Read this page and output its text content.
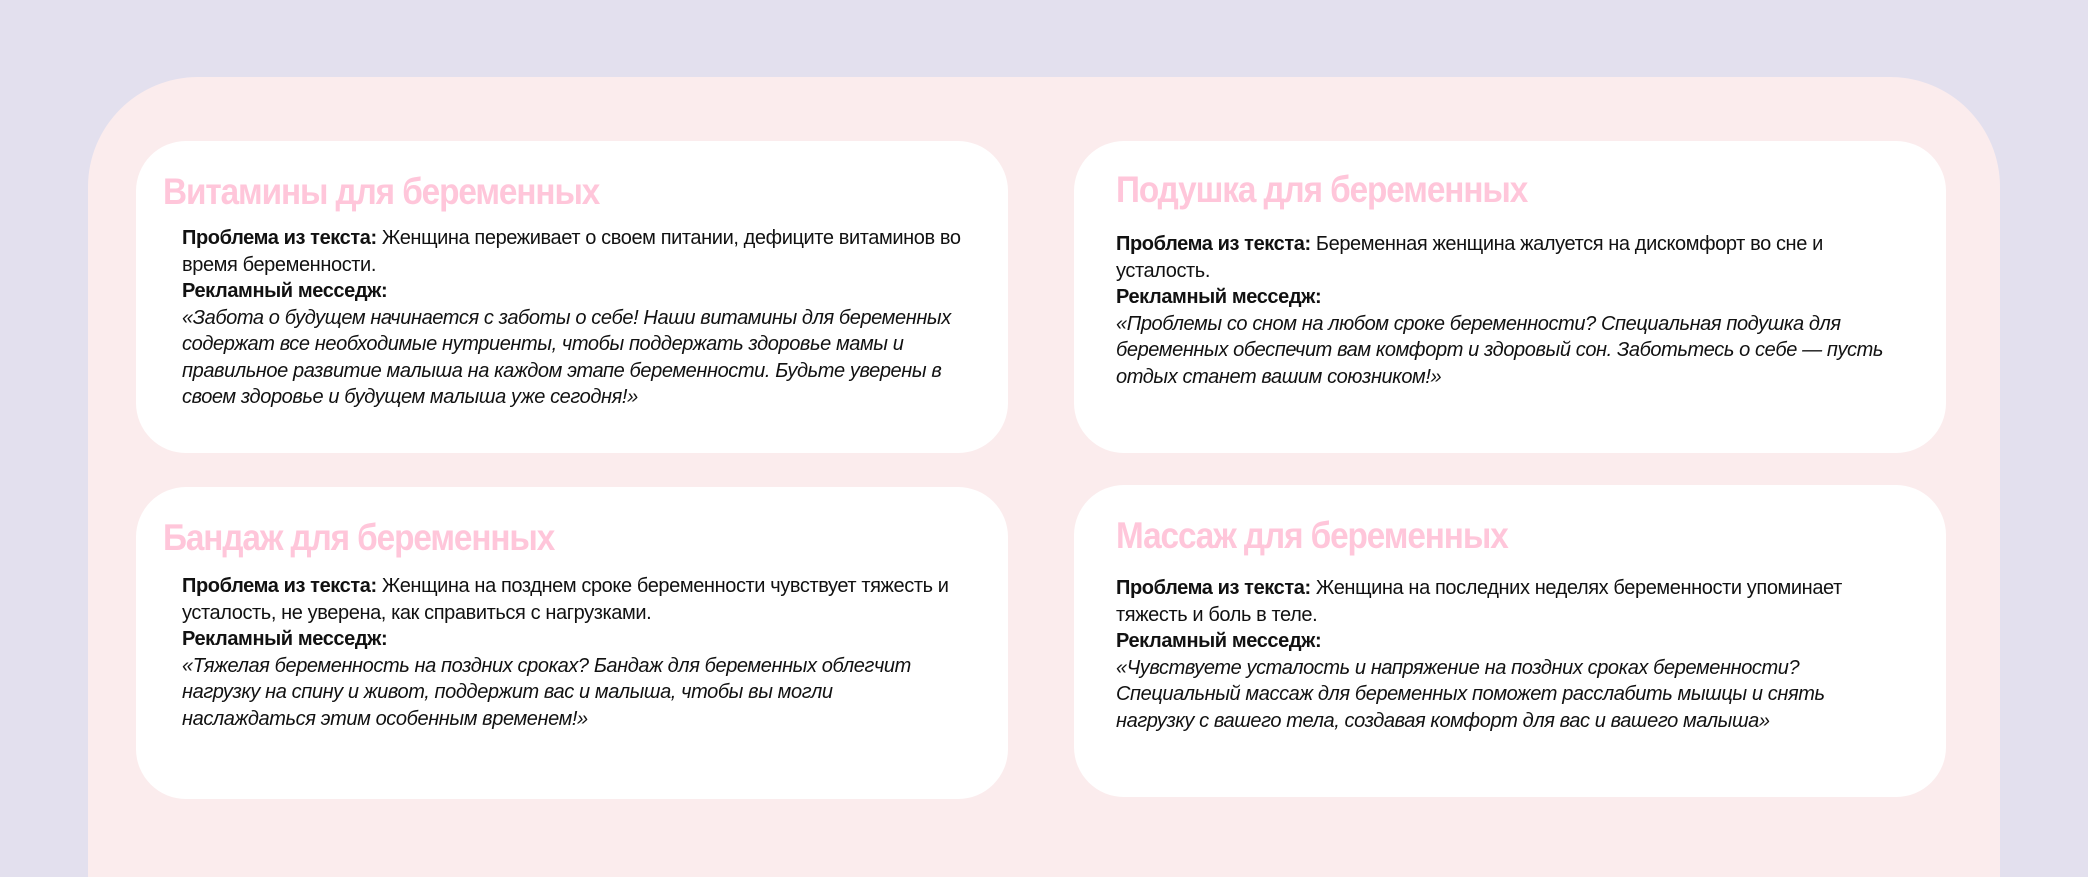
Витамины для беременных
Проблема из текста: Женщина переживает о своем питании, дефиците витаминов во время беременности.
Рекламный месседж:
«Забота о будущем начинается с заботы о себе! Наши витамины для беременных содержат все необходимые нутриенты, чтобы поддержать здоровье мамы и правильное развитие малыша на каждом этапе беременности. Будьте уверены в своем здоровье и будущем малыша уже сегодня!»
Подушка для беременных
Проблема из текста: Беременная женщина жалуется на дискомфорт во сне и усталость.
Рекламный месседж:
«Проблемы со сном на любом сроке беременности? Специальная подушка для беременных обеспечит вам комфорт и здоровый сон. Заботьтесь о себе — пусть отдых станет вашим союзником!»
Бандаж для беременных
Проблема из текста: Женщина на позднем сроке беременности чувствует тяжесть и усталость, не уверена, как справиться с нагрузками.
Рекламный месседж:
«Тяжелая беременность на поздних сроках? Бандаж для беременных облегчит нагрузку на спину и живот, поддержит вас и малыша, чтобы вы могли наслаждаться этим особенным временем!»
Массаж для беременных
Проблема из текста: Женщина на последних неделях беременности упоминает тяжесть и боль в теле.
Рекламный месседж:
«Чувствуете усталость и напряжение на поздних сроках беременности? Специальный массаж для беременных поможет расслабить мышцы и снять нагрузку с вашего тела, создавая комфорт для вас и вашего малыша»
